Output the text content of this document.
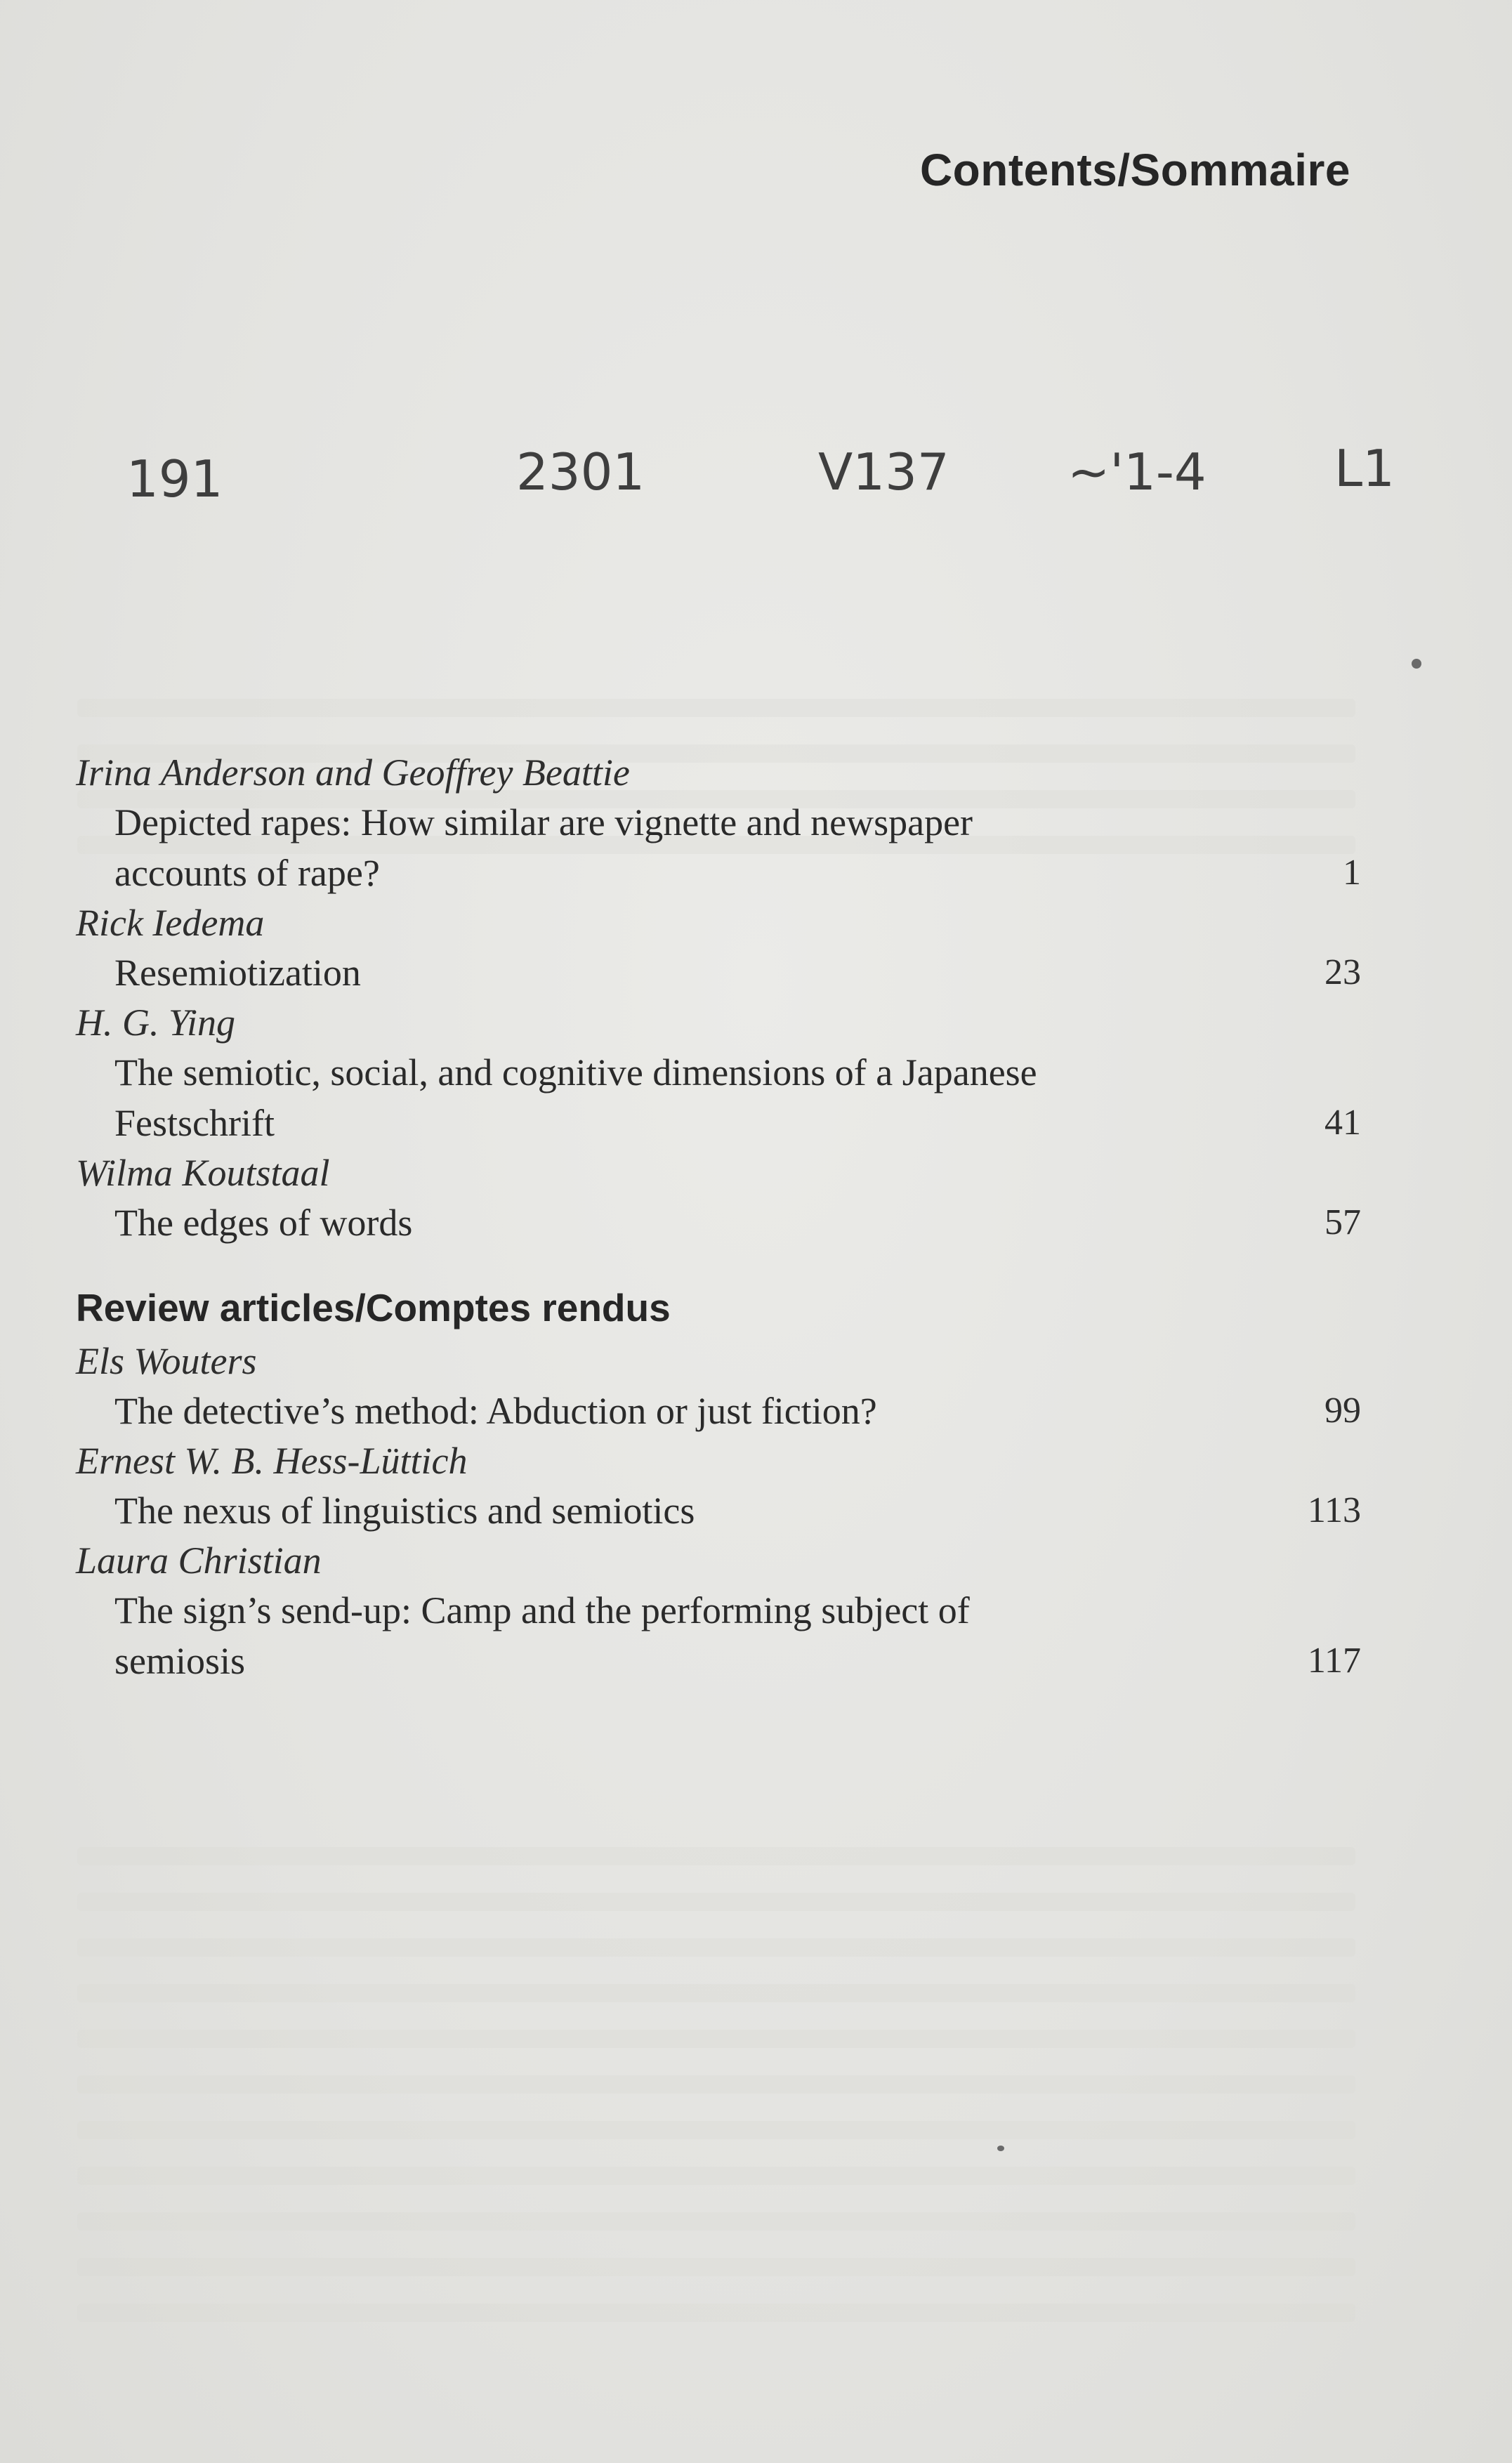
Contents/Sommaire
191	2301	V137 ~'1-4	L1
Irina Anderson and Geoffrey Beattie
Depicted rapes: How similar are vignette and newspaper
accounts of rape?	1
Rick Iedema
Resemiotization	23
H. G. Ying
The semiotic, social, and cognitive dimensions of a Japanese
Festschrift	41
Wilma Koutstaal
The edges of words	57
Review articles/Comptes rendus
Els Wouters
The detective’s method: Abduction or just fiction?	99
Ernest W. B. Hess-Lüttich
The nexus of linguistics and semiotics	113
Laura Christian
The sign’s send-up: Camp and the performing subject of
semiosis	117
